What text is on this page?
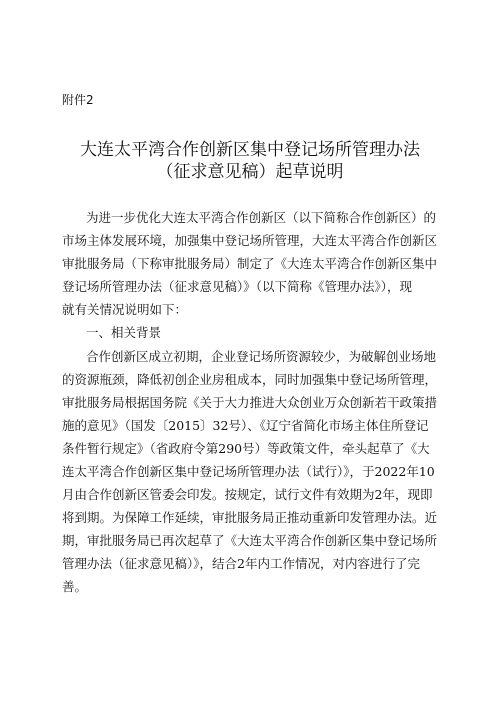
附件2
大连太平湾合作创新区集中登记场所管理办法
（征求意见稿）起草说明
为进一步优化大连太平湾合作创新区（以下简称合作创新区）的
市场主体发展环境，加强集中登记场所管理，大连太平湾合作创新区
审批服务局（下称审批服务局）制定了《大连太平湾合作创新区集中
登记场所管理办法（征求意见稿）》（以下简称《管理办法》），现
就有关情况说明如下：
一、相关背景
合作创新区成立初期，企业登记场所资源较少，为破解创业场地
的资源瓶颈，降低初创企业房租成本，同时加强集中登记场所管理，
审批服务局根据国务院《关于大力推进大众创业万众创新若干政策措
施的意见》（国发〔2015〕32号）、《辽宁省简化市场主体住所登记
条件暂行规定》（省政府令第290号）等政策文件，牵头起草了《大
连太平湾合作创新区集中登记场所管理办法（试行）》，于2022年10
月由合作创新区管委会印发。按规定，试行文件有效期为2年，现即
将到期。为保障工作延续，审批服务局正推动重新印发管理办法。近
期，审批服务局已再次起草了《大连太平湾合作创新区集中登记场所
管理办法（征求意见稿）》，结合2年内工作情况，对内容进行了完
善。
